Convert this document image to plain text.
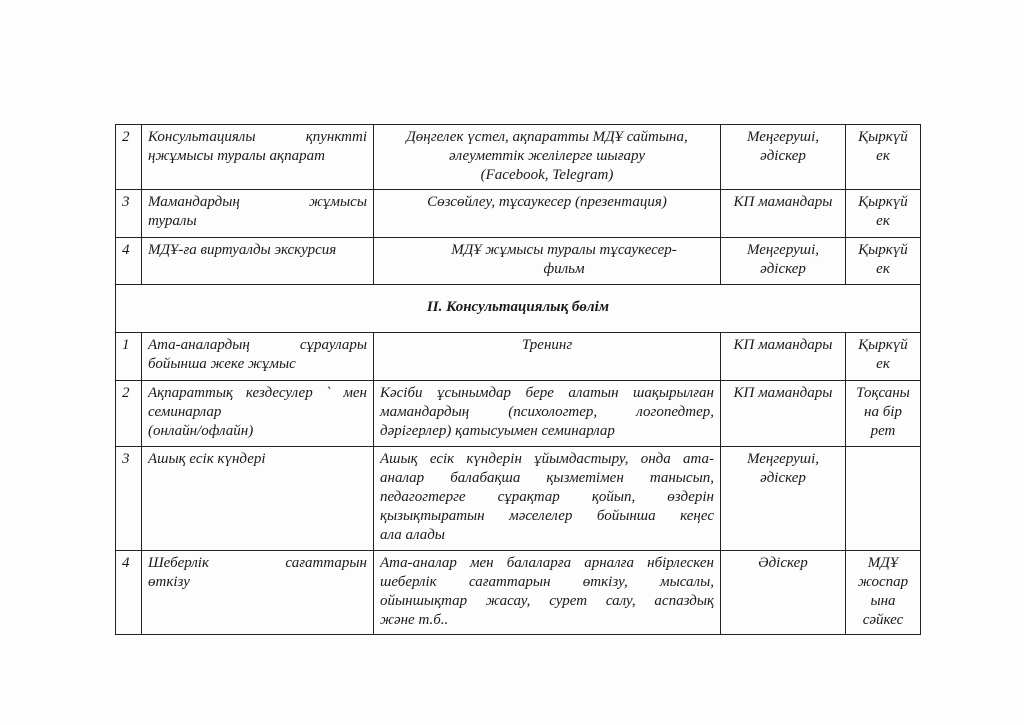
2	Консультациялы қпунктті
ңжұмысы туралы ақпарат	Дөңгелек үстел, ақпаратты МДҰ сайтына,
әлеуметтік желілерге шығару
(Facebook, Telegram)	Меңгеруші,
әдіскер	Қыркүй
ек

3	Мамандардың жұмысы
туралы	Сөзсөйлеу, тұсаукесер (презентация)	КП мамандары	Қыркүй
ек

4	МДҰ-ға виртуалды экскурсия	МДҰ жұмысы туралы тұсаукесер-
фильм	Меңгеруші,
әдіскер	Қыркүй
ек

II. Консультациялық бөлім				
1	Ата-аналардың сұраулары
бойынша жеке жұмыс	Тренинг	КП мамандары	Қыркүй
ек

2	Ақпараттық кездесулер ` мен
семинарлар
(онлайн/офлайн)	Кәсіби ұсынымдар бере алатын шақырылған
мамандардың (психологтер, логопедтер,
дәрігерлер) қатысуымен семинарлар	КП мамандары	Тоқсаны
на бір
рет

3	Ашық есік күндері	Ашық есік күндерін ұйымдастыру, онда ата-
аналар балабақша қызметімен танысып,
педагогтерге сұрақтар қойып, өздерін
қызықтыратын мәселелер бойынша кеңес
ала алады	Меңгеруші,
әдіскер	

4	Шеберлік сағаттарын
өткізу	Ата-аналар мен балаларға арналға нбірлескен
шеберлік сағаттарын өткізу, мысалы,
ойыншықтар жасау, сурет салу, аспаздық
және т.б..	Әдіскер	МДҰ
жоспар
ына
сәйкес
